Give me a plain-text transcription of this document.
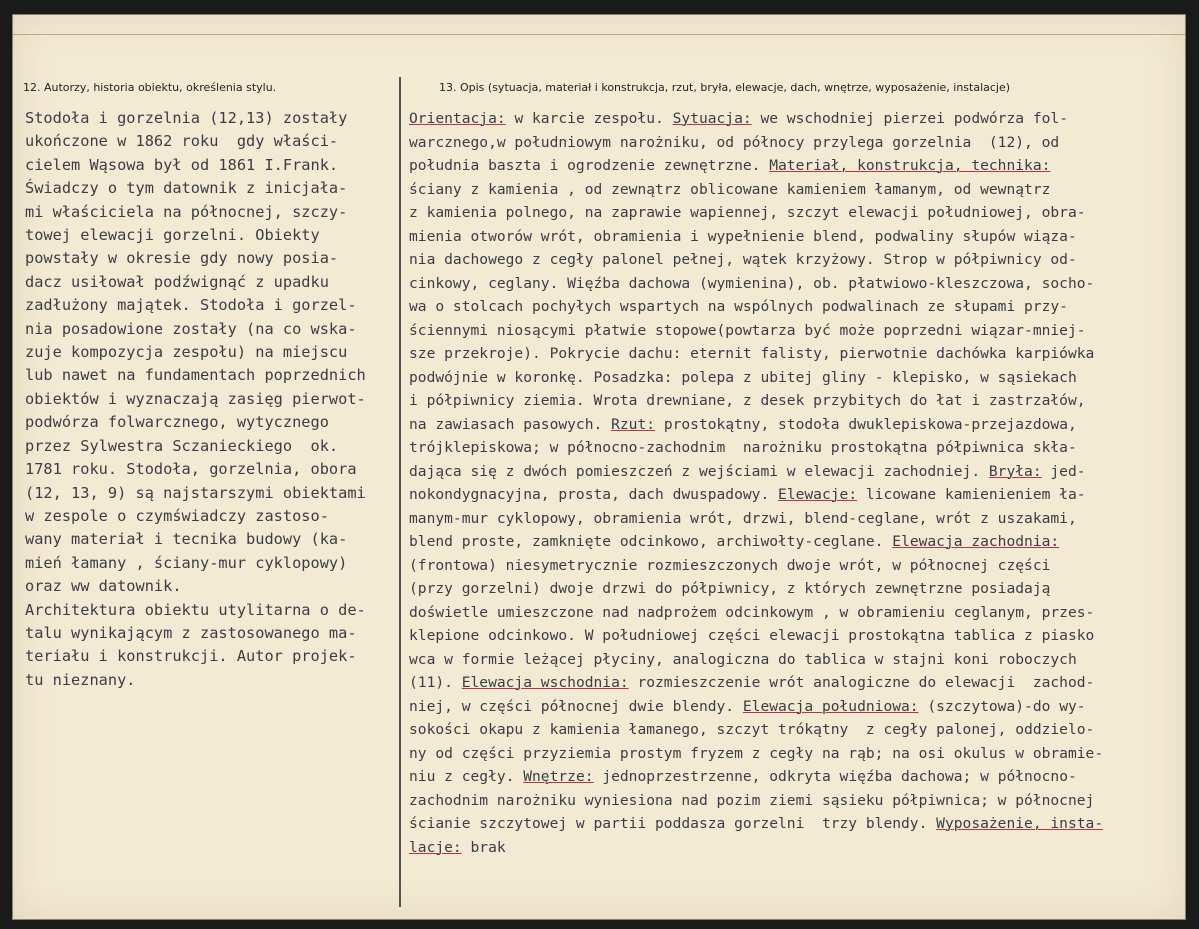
12. Autorzy, historia obiektu, określenia stylu.	13. Opis (sytuacja, materiał i konstrukcja, rzut, bryła, elewacje, dach, wnętrze, wyposażenie, instalacje)
Stodoła i gorzelnia (12,13) zostały
ukończone w 1862 roku  gdy właści-
cielem Wąsowa był od 1861 I.Frank.
Świadczy o tym datownik z inicjała-
mi właściciela na północnej, szczy-
towej elewacji gorzelni. Obiekty
powstały w okresie gdy nowy posia-
dacz usiłował podźwignąć z upadku
zadłużony majątek. Stodoła i gorzel-
nia posadowione zostały (na co wska-
zuje kompozycja zespołu) na miejscu
lub nawet na fundamentach poprzednich
obiektów i wyznaczają zasięg pierwot-
podwórza folwarcznego, wytycznego
przez Sylwestra Sczanieckiego  ok.
1781 roku. Stodoła, gorzelnia, obora
(12, 13, 9) są najstarszymi obiektami
w zespole o czymświadczy zastoso-
wany materiał i tecnika budowy (ka-
mień łamany , ściany-mur cyklopowy)
oraz ww datownik.
Architektura obiektu utylitarna o de-
talu wynikającym z zastosowanego ma-
teriału i konstrukcji. Autor projek-
tu nieznany.
Orientacja: w karcie zespołu. Sytuacja: we wschodniej pierzei podwórza fol-
warcznego,w południowym narożniku, od północy przylega gorzelnia  (12), od
południa baszta i ogrodzenie zewnętrzne. Materiał, konstrukcja, technika:
ściany z kamienia , od zewnątrz oblicowane kamieniem łamanym, od wewnątrz
z kamienia polnego, na zaprawie wapiennej, szczyt elewacji południowej, obra-
mienia otworów wrót, obramienia i wypełnienie blend, podwaliny słupów wiąza-
nia dachowego z cegły palonel pełnej, wątek krzyżowy. Strop w półpiwnicy od-
cinkowy, ceglany. Więźba dachowa (wymienina), ob. płatwiowo-kleszczowa, socho-
wa o stolcach pochyłych wspartych na wspólnych podwalinach ze słupami przy-
ściennymi niosącymi płatwie stopowe(powtarza być może poprzedni wiązar-mniej-
sze przekroje). Pokrycie dachu: eternit falisty, pierwotnie dachówka karpiówka
podwójnie w koronkę. Posadzka: polepa z ubitej gliny - klepisko, w sąsiekach
i półpiwnicy ziemia. Wrota drewniane, z desek przybitych do łat i zastrzałów,
na zawiasach pasowych. Rzut: prostokątny, stodoła dwuklepiskowa-przejazdowa,
trójklepiskowa; w północno-zachodnim  narożniku prostokątna półpiwnica skła-
dająca się z dwóch pomieszczeń z wejściami w elewacji zachodniej. Bryła: jed-
nokondygnacyjna, prosta, dach dwuspadowy. Elewacje: licowane kamienieniem ła-
manym-mur cyklopowy, obramienia wrót, drzwi, blend-ceglane, wrót z uszakami,
blend proste, zamknięte odcinkowo, archiwołty-ceglane. Elewacja zachodnia:
(frontowa) niesymetrycznie rozmieszczonych dwoje wrót, w północnej części
(przy gorzelni) dwoje drzwi do półpiwnicy, z których zewnętrzne posiadają
doświetle umieszczone nad nadprożem odcinkowym , w obramieniu ceglanym, przes-
klepione odcinkowo. W południowej części elewacji prostokątna tablica z piasko
wca w formie leżącej płyciny, analogiczna do tablica w stajni koni roboczych
(11). Elewacja wschodnia: rozmieszczenie wrót analogiczne do elewacji  zachod-
niej, w części północnej dwie blendy. Elewacja południowa: (szczytowa)-do wy-
sokości okapu z kamienia łamanego, szczyt trókątny  z cegły palonej, oddzielo-
ny od części przyziemia prostym fryzem z cegły na rąb; na osi okulus w obramie-
niu z cegły. Wnętrze: jednoprzestrzenne, odkryta więźba dachowa; w północno-
zachodnim narożniku wyniesiona nad pozim ziemi sąsieku półpiwnica; w północnej
ścianie szczytowej w partii poddasza gorzelni  trzy blendy. Wyposażenie, insta-
lacje: brak
